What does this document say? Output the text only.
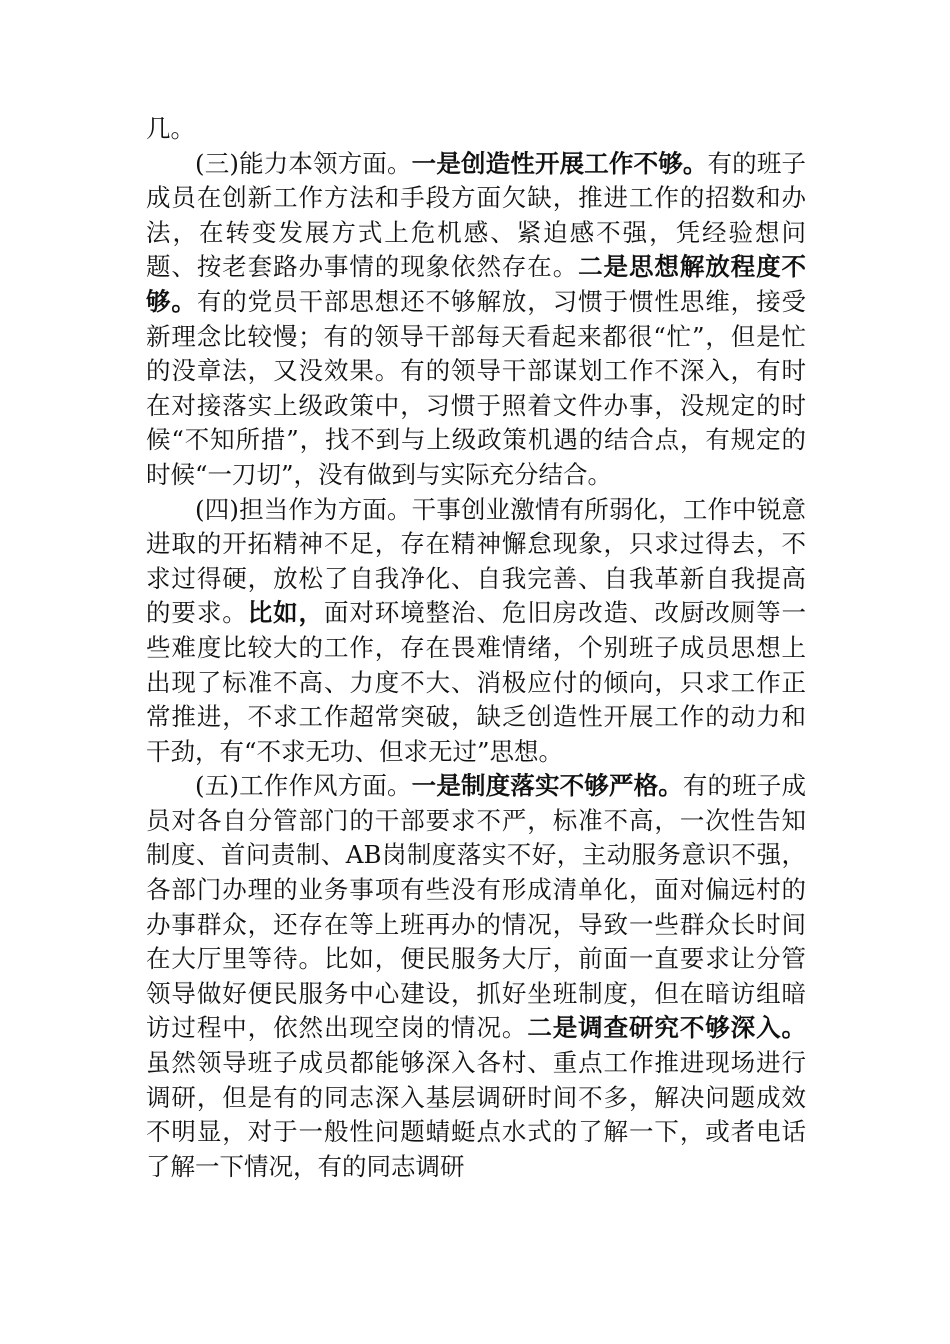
几。

(三)能力本领方面。一是创造性开展工作不够。有的班子成员在创新工作方法和手段方面欠缺，推进工作的招数和办法，在转变发展方式上危机感、紧迫感不强，凭经验想问题、按老套路办事情的现象依然存在。二是思想解放程度不够。有的党员干部思想还不够解放，习惯于惯性思维，接受新理念比较慢；有的领导干部每天看起来都很“忙”，但是忙的没章法，又没效果。有的领导干部谋划工作不深入，有时在对接落实上级政策中，习惯于照着文件办事，没规定的时候“不知所措”，找不到与上级政策机遇的结合点，有规定的时候“一刀切”，没有做到与实际充分结合。

(四)担当作为方面。干事创业激情有所弱化，工作中锐意进取的开拓精神不足，存在精神懈怠现象，只求过得去，不求过得硬，放松了自我净化、自我完善、自我革新自我提高的要求。比如，面对环境整治、危旧房改造、改厨改厕等一些难度比较大的工作，存在畏难情绪，个别班子成员思想上出现了标准不高、力度不大、消极应付的倾向，只求工作正常推进，不求工作超常突破，缺乏创造性开展工作的动力和干劲，有“不求无功、但求无过”思想。

(五)工作作风方面。一是制度落实不够严格。有的班子成员对各自分管部门的干部要求不严，标准不高，一次性告知制度、首问责制、AB岗制度落实不好，主动服务意识不强，各部门办理的业务事项有些没有形成清单化，面对偏远村的办事群众，还存在等上班再办的情况，导致一些群众长时间在大厅里等待。比如，便民服务大厅，前面一直要求让分管领导做好便民服务中心建设，抓好坐班制度，但在暗访组暗访过程中，依然出现空岗的情况。二是调查研究不够深入。虽然领导班子成员都能够深入各村、重点工作推进现场进行调研，但是有的同志深入基层调研时间不多，解决问题成效不明显，对于一般性问题蜻蜓点水式的了解一下，或者电话了解一下情况，有的同志调研
